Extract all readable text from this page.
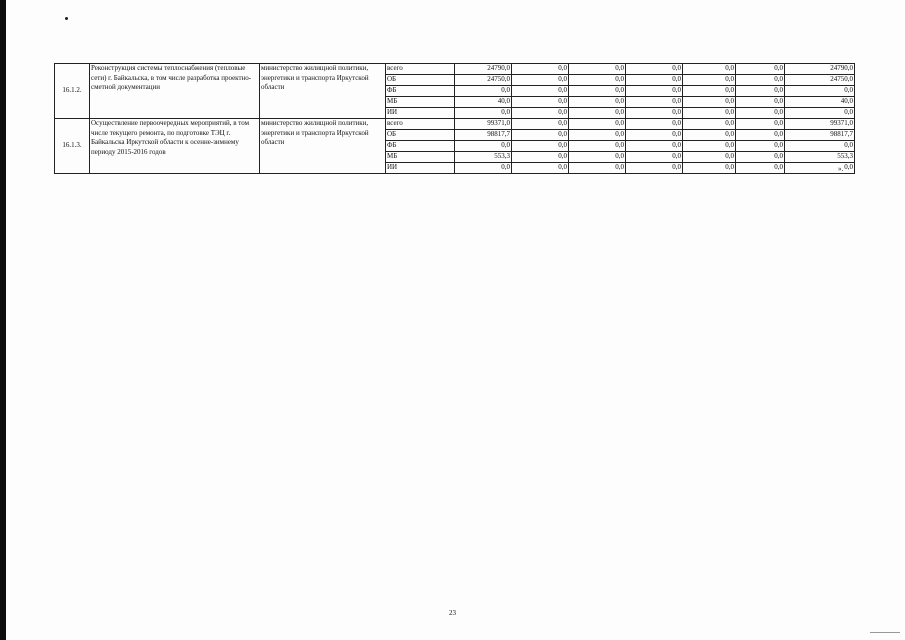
16.1.2.	Реконструкция системы теплоснабжения (тепловые сети) г. Байкальска, в том числе разработка проектно-сметной документации	министерство жилищной политики, энергетики и транспорта Иркутской области	всего	24790,0	0,0	0,0	0,0	0,0	0,0	24790,0
			ОБ	24750,0	0,0	0,0	0,0	0,0	0,0	24750,0
			ФБ	0,0	0,0	0,0	0,0	0,0	0,0	0,0
			МБ	40,0	0,0	0,0	0,0	0,0	0,0	40,0
			ИИ	0,0	0,0	0,0	0,0	0,0	0,0	0,0
16.1.3.	Осуществление первоочередных мероприятий, в том числе текущего ремонта, по подготовке ТЭЦ г. Байкальска Иркутской области к осенне-зимнему периоду 2015-2016 годов	министерство жилищной политики, энергетики и транспорта Иркутской области	всего	99371,0	0,0	0,0	0,0	0,0	0,0	99371,0
			ОБ	98817,7	0,0	0,0	0,0	0,0	0,0	98817,7
			ФБ	0,0	0,0	0,0	0,0	0,0	0,0	0,0
			МБ	553,3	0,0	0,0	0,0	0,0	0,0	553,3
			ИИ	0,0	0,0	0,0	0,0	0,0	0,0	0,0
».
23
